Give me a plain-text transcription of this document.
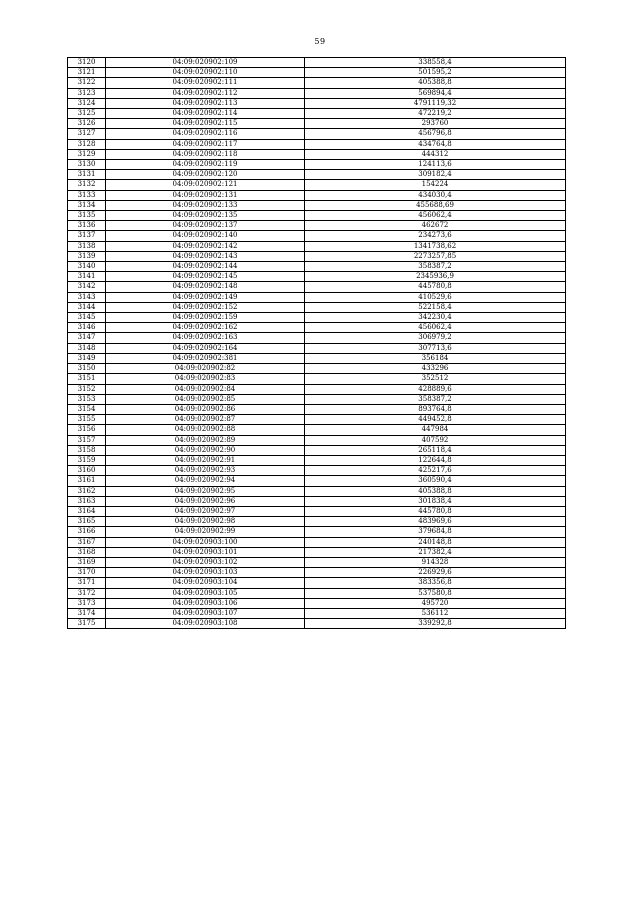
59
3120	04:09:020902:109	338558,4
3121	04:09:020902:110	501595,2
3122	04:09:020902:111	405388,8
3123	04:09:020902:112	569894,4
3124	04:09:020902:113	4791119,32
3125	04:09:020902:114	472219,2
3126	04:09:020902:115	293760
3127	04:09:020902:116	456796,8
3128	04:09:020902:117	434764,8
3129	04:09:020902:118	444312
3130	04:09:020902:119	124113,6
3131	04:09:020902:120	309182,4
3132	04:09:020902:121	154224
3133	04:09:020902:131	434030,4
3134	04:09:020902:133	455688,69
3135	04:09:020902:135	456062,4
3136	04:09:020902:137	462672
3137	04:09:020902:140	234273,6
3138	04:09:020902:142	1341738,62
3139	04:09:020902:143	2273257,85
3140	04:09:020902:144	358387,2
3141	04:09:020902:145	2345936,9
3142	04:09:020902:148	445780,8
3143	04:09:020902:149	410529,6
3144	04:09:020902:152	522158,4
3145	04:09:020902:159	342230,4
3146	04:09:020902:162	456062,4
3147	04:09:020902:163	306979,2
3148	04:09:020902:164	307713,6
3149	04:09:020902:381	356184
3150	04:09:020902:82	433296
3151	04:09:020902:83	352512
3152	04:09:020902:84	428889,6
3153	04:09:020902:85	358387,2
3154	04:09:020902:86	893764,8
3155	04:09:020902:87	449452,8
3156	04:09:020902:88	447984
3157	04:09:020902:89	407592
3158	04:09:020902:90	265118,4
3159	04:09:020902:91	122644,8
3160	04:09:020902:93	425217,6
3161	04:09:020902:94	360590,4
3162	04:09:020902:95	405388,8
3163	04:09:020902:96	301838,4
3164	04:09:020902:97	445780,8
3165	04:09:020902:98	483969,6
3166	04:09:020902:99	379684,8
3167	04:09:020903:100	240148,8
3168	04:09:020903:101	217382,4
3169	04:09:020903:102	914328
3170	04:09:020903:103	226929,6
3171	04:09:020903:104	383356,8
3172	04:09:020903:105	537580,8
3173	04:09:020903:106	495720
3174	04:09:020903:107	536112
3175	04:09:020903:108	339292,8
